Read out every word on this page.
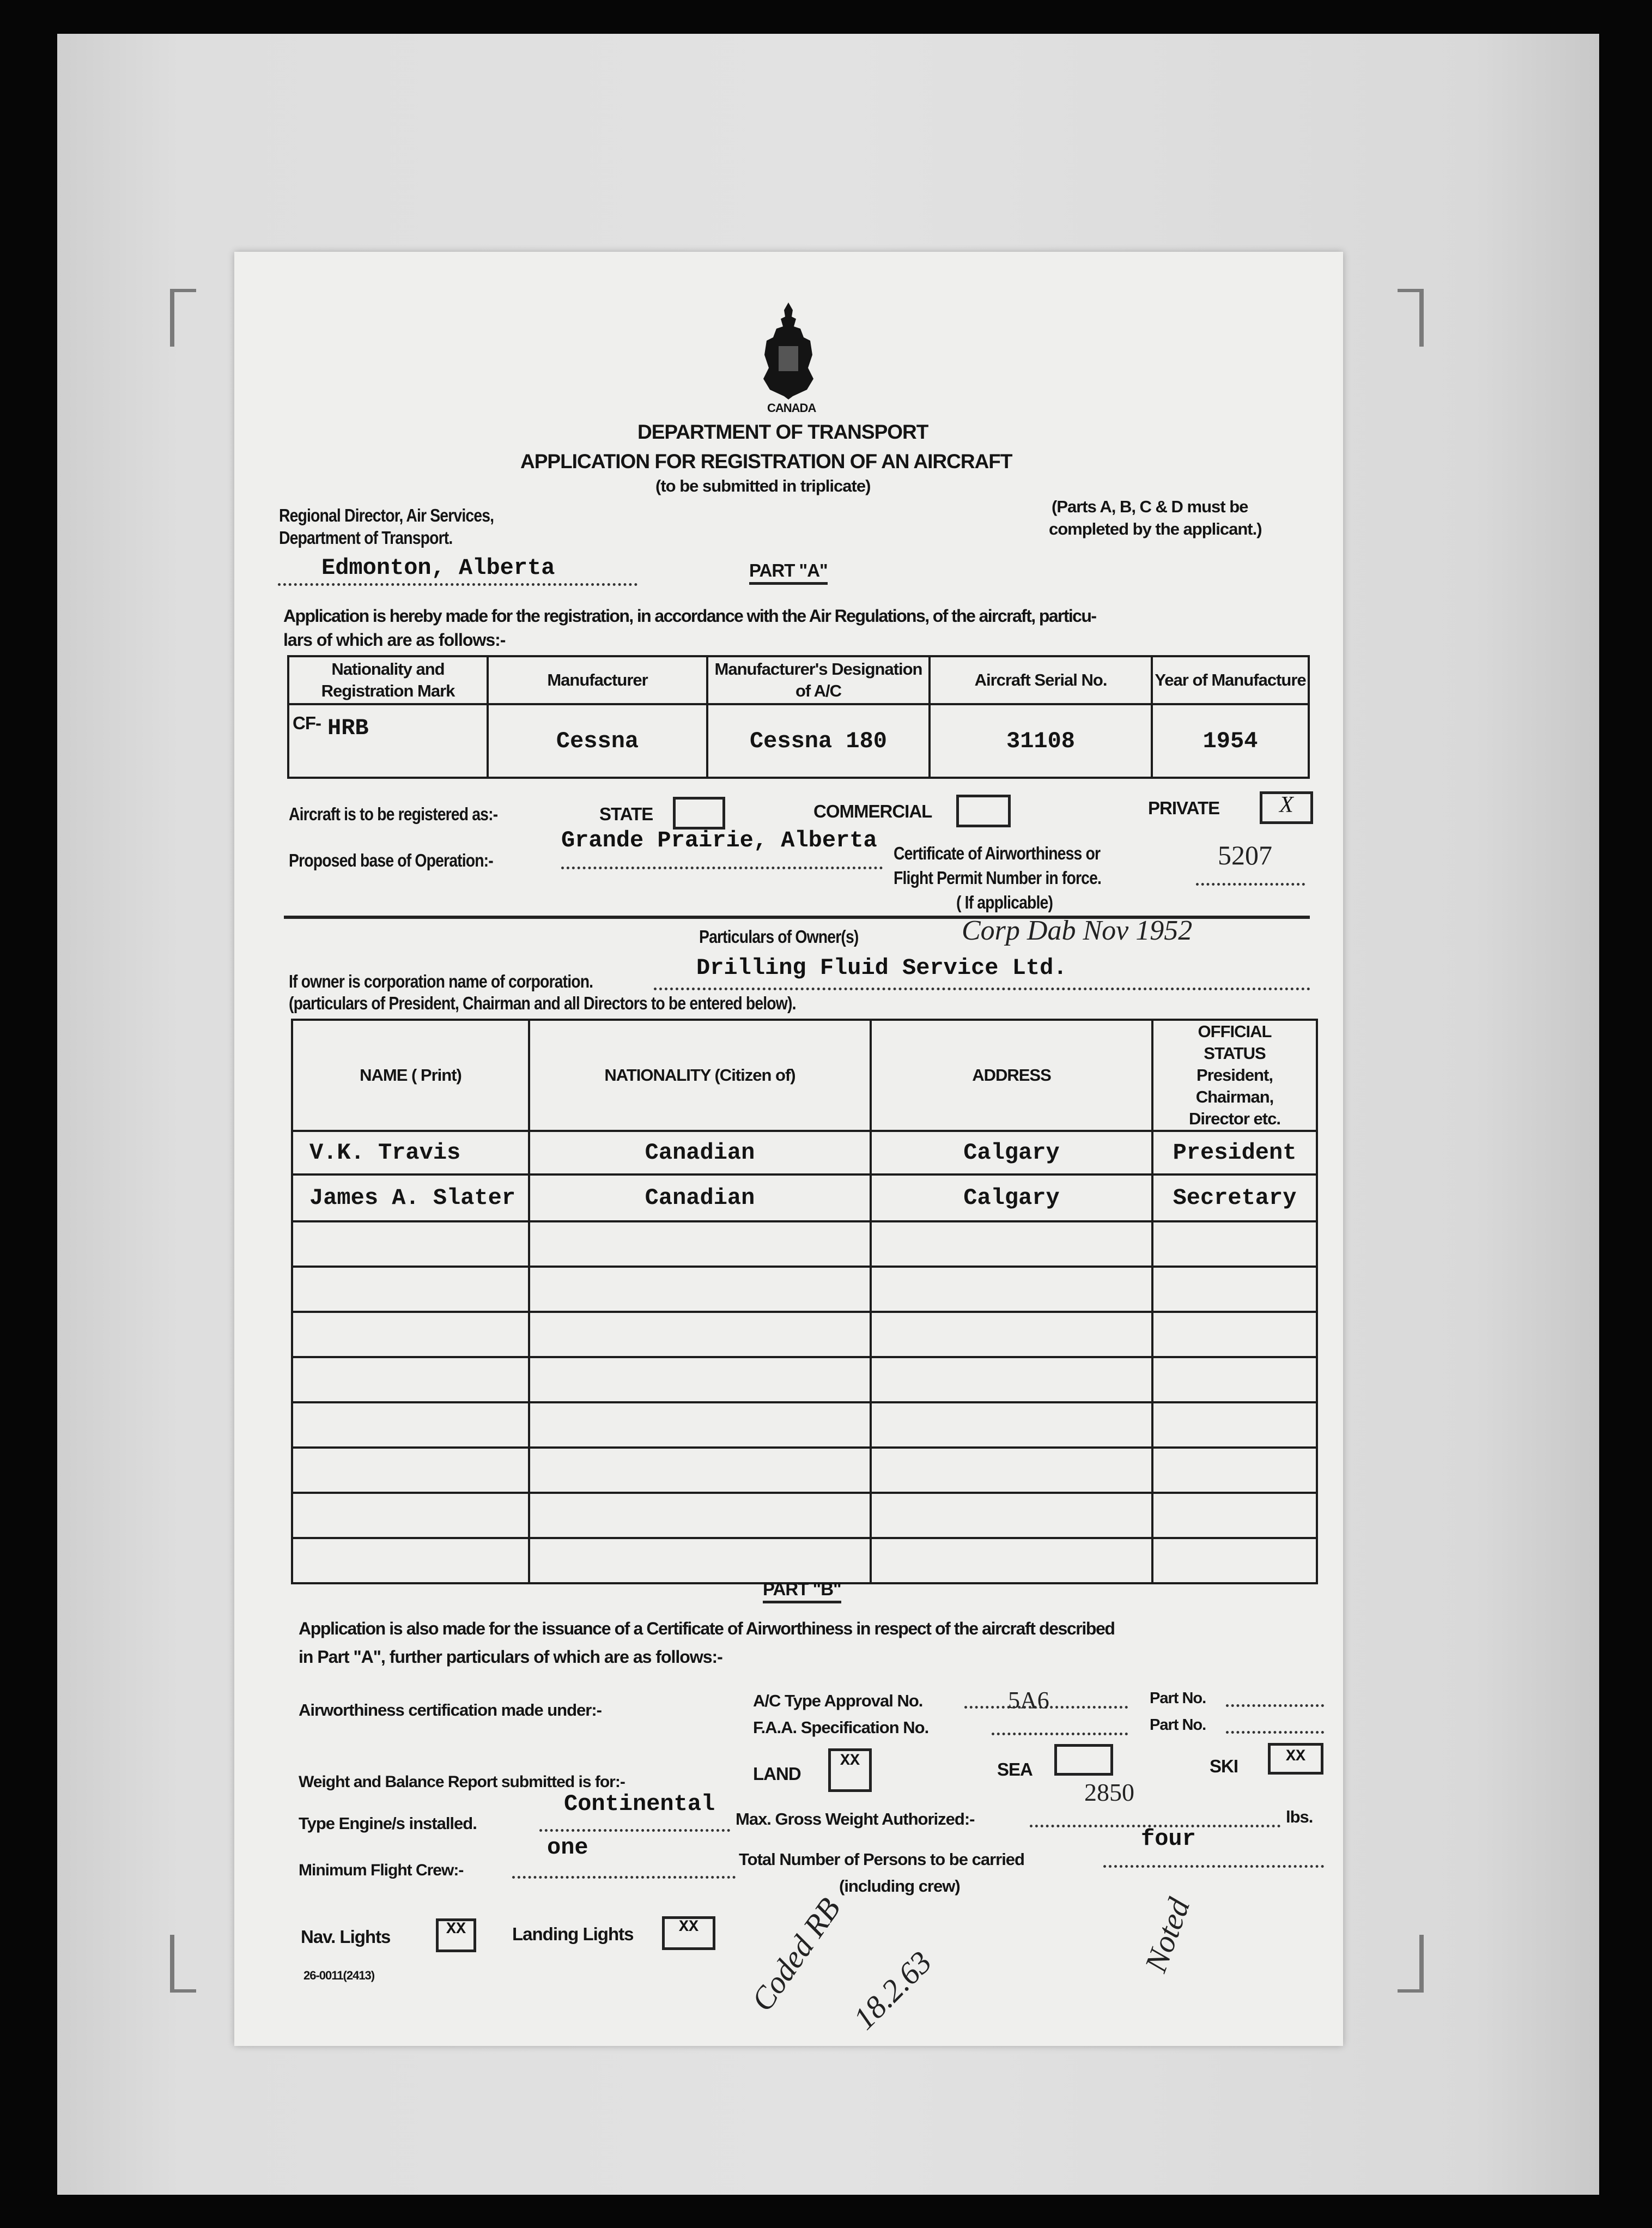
CANADA
DEPARTMENT OF TRANSPORT
APPLICATION FOR REGISTRATION OF AN AIRCRAFT
(to be submitted in triplicate)
Regional Director, Air Services,
Department of Transport.
(Parts A, B, C & D must be
completed by the applicant.)
Edmonton, Alberta	PART "A"
Application is hereby made for the registration, in accordance with the Air Regulations, of the aircraft, particu-
lars of which are as follows:-
Nationality and Registration Mark	Manufacturer	Manufacturer's Designation of A/C	Aircraft Serial No.	Year of Manufacture

CF- HRB	Cessna	Cessna 180	31108	1954
Aircraft is to be registered as:-	STATE	COMMERCIAL	PRIVATE	X
Proposed base of Operation:-
Grande Prairie, Alberta Certificate of Airworthiness or
Flight Permit Number in force.
( If applicable)
5207
Particulars of Owner(s)	Corp Dab Nov 1952
If owner is corporation name of corporation.
Drilling Fluid Service Ltd.
(particulars of President, Chairman and all Directors to be entered below).
NAME ( Print)	NATIONALITY (Citizen of)	ADDRESS	OFFICIAL STATUS President, Chairman, Director etc.
V.K. Travis	Canadian	Calgary	President
James A. Slater	Canadian	Calgary	Secretary

PART "B"
Application is also made for the issuance of a Certificate of Airworthiness in respect of the aircraft described
in Part "A", further particulars of which are as follows:-
Airworthiness certification made under:-	A/C Type Approval No.	5A6	Part No.
F.A.A. Specification No.	Part No.
Weight and Balance Report submitted is for:-	LAND
XX	SEA	SKI	XX
Type Engine/s installed.
Continental
Max. Gross Weight Authorized:-
2850
lbs.
Minimum Flight Crew:-
one	Total Number of Persons to be carried
four
(including crew)
Nav. Lights	XX	Landing Lights	XX
26-0011(2413)	Coded RB
18.2.63
Noted
